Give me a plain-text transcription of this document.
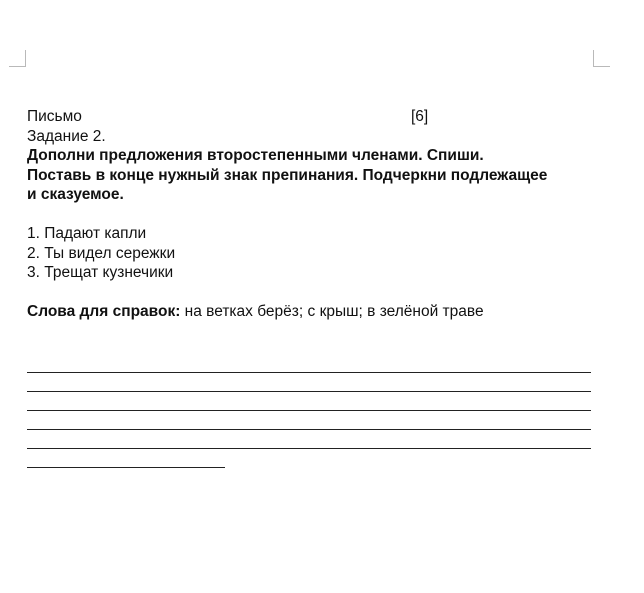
Письмо	[6]
Задание 2.
Дополни предложения второстепенными членами. Спиши.
Поставь в конце нужный знак препинания. Подчеркни подлежащее
и сказуемое.
1. Падают капли
2. Ты видел сережки
3. Трещат кузнечики
Слова для справок: на ветках берёз; с крыш; в зелёной траве
